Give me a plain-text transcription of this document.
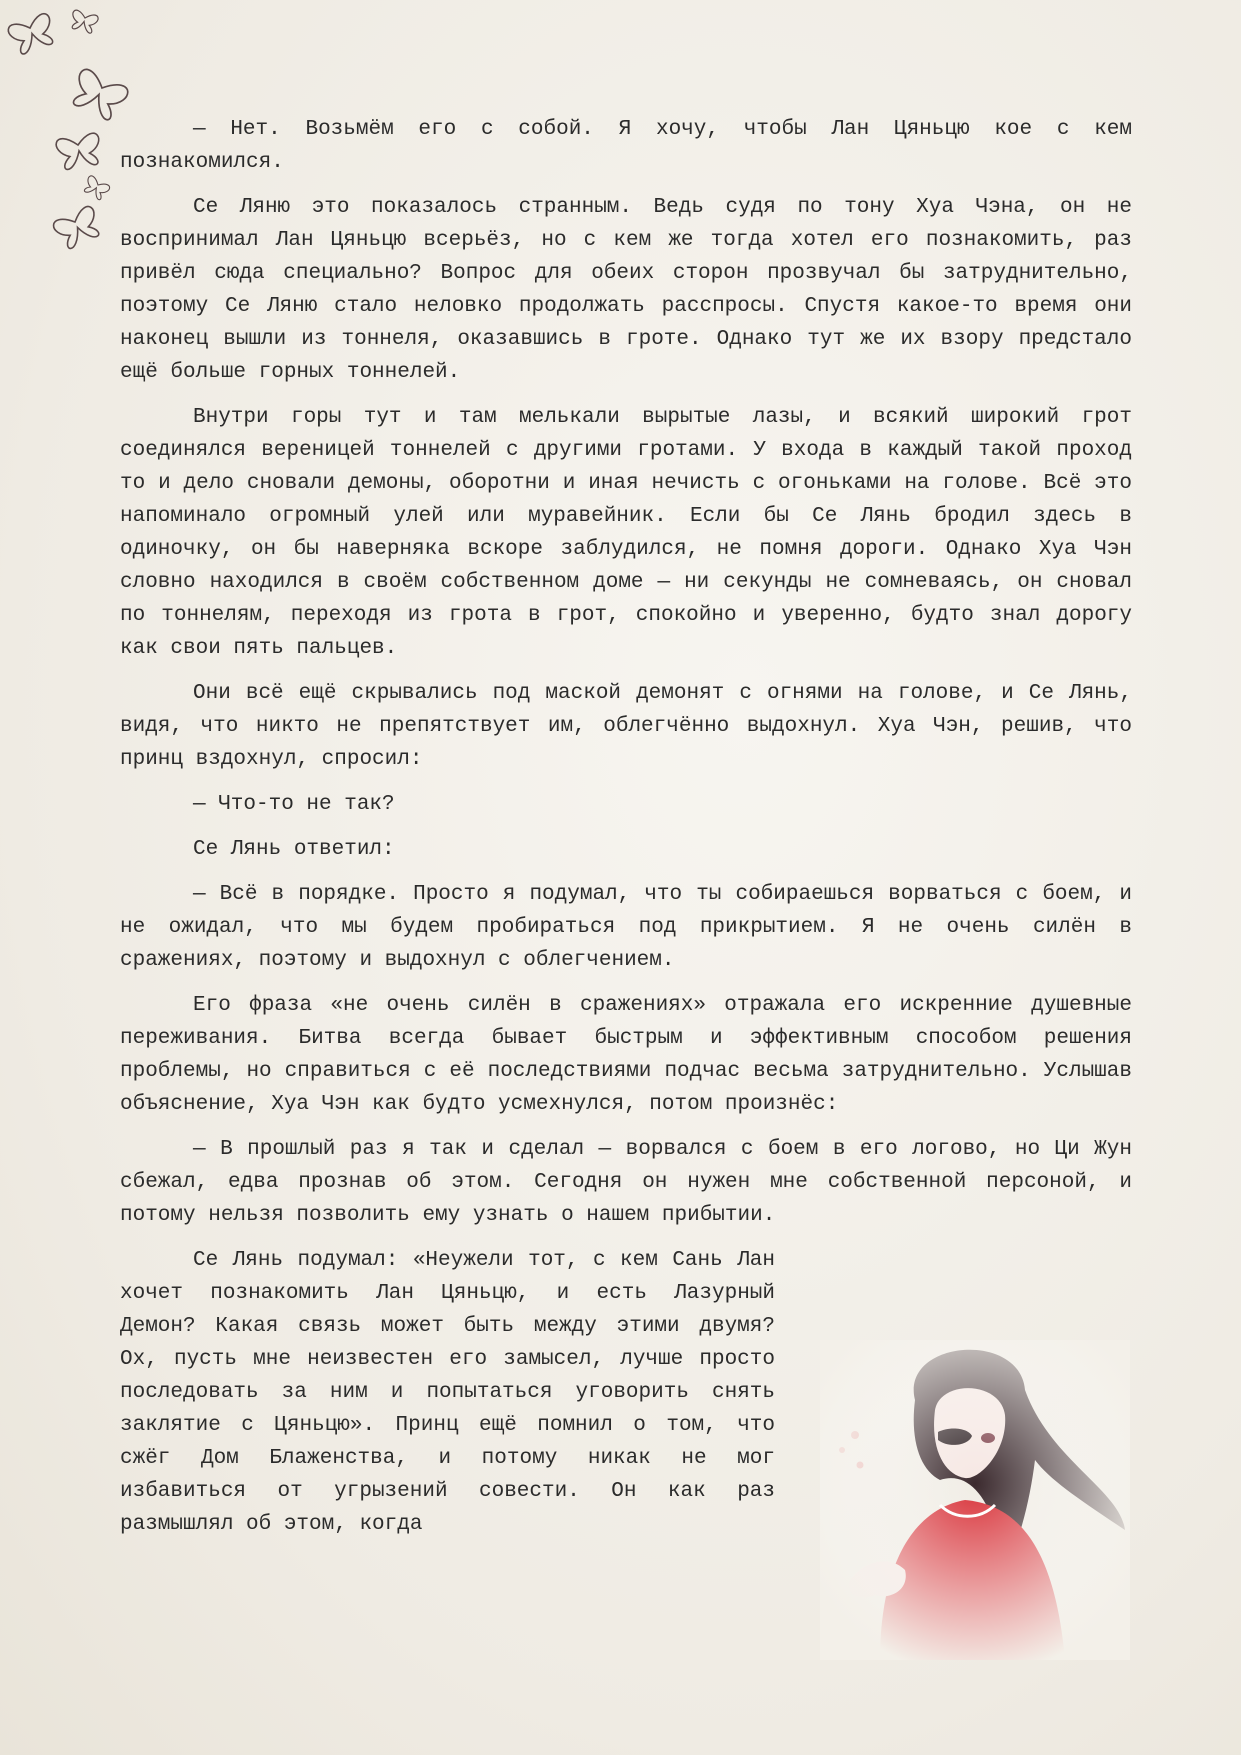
— Нет. Возьмём его с собой. Я хочу, чтобы Лан Цяньцю кое с кем познакомился.

Се Ляню это показалось странным. Ведь судя по тону Хуа Чэна, он не воспринимал Лан Цяньцю всерьёз, но с кем же тогда хотел его познакомить, раз привёл сюда специально? Вопрос для обеих сторон прозвучал бы затруднительно, поэтому Се Ляню стало неловко продолжать расспросы. Спустя какое-то время они наконец вышли из тоннеля, оказавшись в гроте. Однако тут же их взору предстало ещё больше горных тоннелей.

Внутри горы тут и там мелькали вырытые лазы, и всякий широкий грот соединялся вереницей тоннелей с другими гротами. У входа в каждый такой проход то и дело сновали демоны, оборотни и иная нечисть с огоньками на голове. Всё это напоминало огромный улей или муравейник. Если бы Се Лянь бродил здесь в одиночку, он бы наверняка вскоре заблудился, не помня дороги. Однако Хуа Чэн словно находился в своём собственном доме — ни секунды не сомневаясь, он сновал по тоннелям, переходя из грота в грот, спокойно и уверенно, будто знал дорогу как свои пять пальцев.

Они всё ещё скрывались под маской демонят с огнями на голове, и Се Лянь, видя, что никто не препятствует им, облегчённо выдохнул. Хуа Чэн, решив, что принц вздохнул, спросил:

— Что-то не так?

Се Лянь ответил:

— Всё в порядке. Просто я подумал, что ты собираешься ворваться с боем, и не ожидал, что мы будем пробираться под прикрытием. Я не очень силён в сражениях, поэтому и выдохнул с облегчением.

Его фраза «не очень силён в сражениях» отражала его искренние душевные переживания. Битва всегда бывает быстрым и эффективным способом решения проблемы, но справиться с её последствиями подчас весьма затруднительно. Услышав объяснение, Хуа Чэн как будто усмехнулся, потом произнёс:

— В прошлый раз я так и сделал — ворвался с боем в его логово, но Ци Жун сбежал, едва прознав об этом. Сегодня он нужен мне собственной персоной, и потому нельзя позволить ему узнать о нашем прибытии.

Се Лянь подумал: «Неужели тот, с кем Сань Лан хочет познакомить Лан Цяньцю, и есть Лазурный Демон? Какая связь может быть между этими двумя? Ох, пусть мне неизвестен его замысел, лучше просто последовать за ним и попытаться уговорить снять заклятие с Цяньцю». Принц ещё помнил о том, что сжёг Дом Блаженства, и потому никак не мог избавиться от угрызений совести. Он как раз размышлял об этом, когда
